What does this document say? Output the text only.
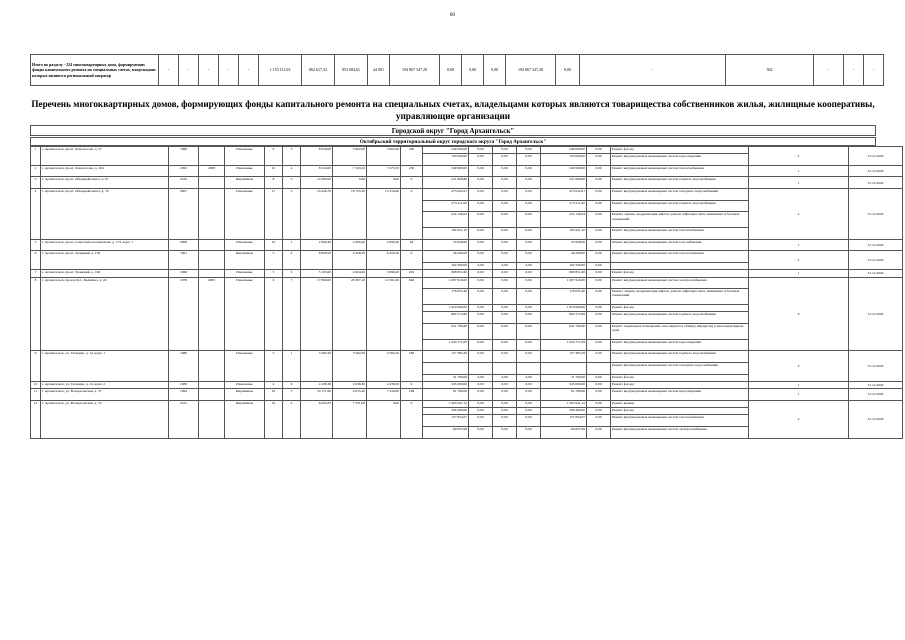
80
Итого по разделу - 224 многоквартирных дома, формирующих фонды капитального ремонта на специальных счетах, владельцами которых являются региональный оператор	-	-	-	-	-	1 153 111,63	862 617,33	953 684,61	44 091	194 867 347,28	0,00	0,06	0,00	194 867 347,28	0,00	-	302	-	-	-
Перечень многоквартирных домов, формирующих фонды капитального ремонта на специальных счетах, владельцами которых являются товарищества собственников жилья, жилищные кооперативы, управляющие организации
Городской округ "Город Архангельск"
Октябрьский территориальный округ городского округа "Город Архангельск"
1	г. Архангельск, пр-кт. Ломоносова, д. 27	1998		Панельные	9	3	8 050,00	5 602,00	5 602,00	238	240 000,00	0,00	0,00	0,00	240 000,00	0,00	Ремонт фасада	2	31.12.2020
											159 000,00	0,00	0,00	0,00	159 000,00	0,00	Ремонт внутридомовых инженерных систем водоотведения		
2	г. Архангельск, пр-кт. Ломоносова, д. 104	1993	2008	Панельные	10	4	8 543,00	7 343,10	7 475,50	258	349 900,00	0,00	0,00	0,00	349 900,00	0,00	Ремонт внутридомовых инженерных систем теплоснабжения	1	31.12.2020
3	г. Архангельск, пр-кт. Обводный канал, д. 67	2010		Кирпичные	8	3	12 000,00	0,00	0,00	0	521 808,86	0,00	0,00	0,00	521 808,86	0,00	Ремонт внутридомовых инженерных систем горячего водоснабжения	1	31.12.2020
4	г. Архангельск, пр-кт. Обводный канал, д. 76	2007		Панельные	17	3	16 426,70	16 725,50	13 316,60	0	473 042,61	0,00	0,00	0,00	473 042,61	0,00	Ремонт внутридомовых инженерных систем холодного водоснабжения	4	31.12.2020
											273 211,00	0,00	0,00	0,00	273 211,00	0,00	Ремонт внутридомовых инженерных систем горячего водоснабжения		
											224 146,04	0,00	0,00	0,00	224 146,04	0,00	Ремонт, замена, модернизация лифтов, ремонт лифтовых шахт, машинных и блочных помещений		
											182 621,10	0,00	0,00	0,00	182 621,10	0,00	Ремонт внутридомовых инженерных систем теплоснабжения		
5	г. Архангельск, пр-кт. Советских космонавтов, д. 173, корп. 1	2008		Панельные	10	1	2 690,40	2 690,40	2 690,40	64	35 928,00	0,00	0,00	0,00	35 928,00	0,00	Ремонт внутридомовых инженерных систем газоснабжения	1	31.12.2020
6	г. Архангельск, пр-кт. Троицкий, д. 158	1991		Кирпичные	5	4	8 856,50	6 456,50	6 456,50	0	46 260,00	0,00	0,00	0,00	46 260,00	0,00	Ремонт внутридомовых инженерных систем теплоснабжения	2	31.12.2020
											102 500,00	0,00	0,00	0,00	102 500,00	0,00			
7	г. Архангельск, пр-кт. Троицкий, д. 166	1968		Панельные	5	5	5 163,00	4 604,40	3 896,20	202	668 851,60	0,00	0,00	0,00	668 851,60	0,00	Ремонт фасада	1	31.12.2020
8	г. Архангельск, проезд К.С. Бадигина, д. 24	1978	2005	Панельные	9	7	17 890,00	20 307,10	12 561,00	648	1 087 910,00	0,00	0,00	0,00	1 087 910,00	0,00	Ремонт внутридомовых инженерных систем электроснабжения	6	31.12.2020
											178 035,40	0,00	0,00	0,00	178 035,40	0,00	Ремонт, замена, модернизация лифтов, ремонт лифтовых шахт, машинных и блочных помещений		
											1 619 600,00	0,00	0,00	0,00	1 619 600,00	0,00	Ремонт фасада		
											862 572,89	0,00	0,00	0,00	862 572,89	0,00	Ремонт внутридомовых инженерных систем горячего водоснабжения		
											641 796,80	0,00	0,00	0,00	641 796,80	0,00	Ремонт подвальных помещений, относящихся к общему имуществу в многоквартирном доме		
											1 029 771,09	0,00	0,00	0,00	1 029 771,09	0,00	Ремонт внутридомовых инженерных систем водоотведения		
9	г. Архангельск, ул. Гагарина, д. 14, корп. 1	1980		Панельные	5	1	3 582,20	3 582,20	3 582,20	180	157 385,29	0,00	0,00	0,00	157 385,29	0,00	Ремонт внутридомовых инженерных систем горячего водоснабжения	3	31.12.2020
																	Ремонт внутридомовых инженерных систем холодного водоснабжения		
											31 760,00	0,00	0,00	0,00	31 760,00	0,00	Ремонт фасада		
10	г. Архангельск, ул. Гагарина, д. 14, корп. 2	1980		Панельные	4	6	4 438,30	4 036,30	4 438,30	0	345 000,00	0,00	0,00	0,00	345 000,00	0,00	Ремонт фасада	1	31.12.2020
11	г. Архангельск, ул. Воскресенская, д. 37	1994		Кирпичные	10	5	10 171,60	9 035,20	7 526,00	168	81 780,00	0,00	0,00	0,00	81 780,00	0,00	Ремонт внутридомовых инженерных систем водоотведения	1	31.12.2020
12	г. Архангельск, ул. Воскресенская, д. 55	2012		Кирпичные	16	2	8 845,83	7 331,00	0,00	0	1 263 941,12	0,00	0,00	0,00	1 263 941,12	0,00	Ремонт крыши	4	31.12.2020
											206 400,00	0,00	0,00	0,00	206 400,00	0,00	Ремонт фасада		
											157 834,07	0,00	0,00	0,00	157 834,07	0,00	Ремонт внутридомовых инженерных систем теплоснабжения		
											69 837,69	0,00	0,00	0,00	69 837,69	0,00	Ремонт внутридомовых инженерных систем электроснабжения		
